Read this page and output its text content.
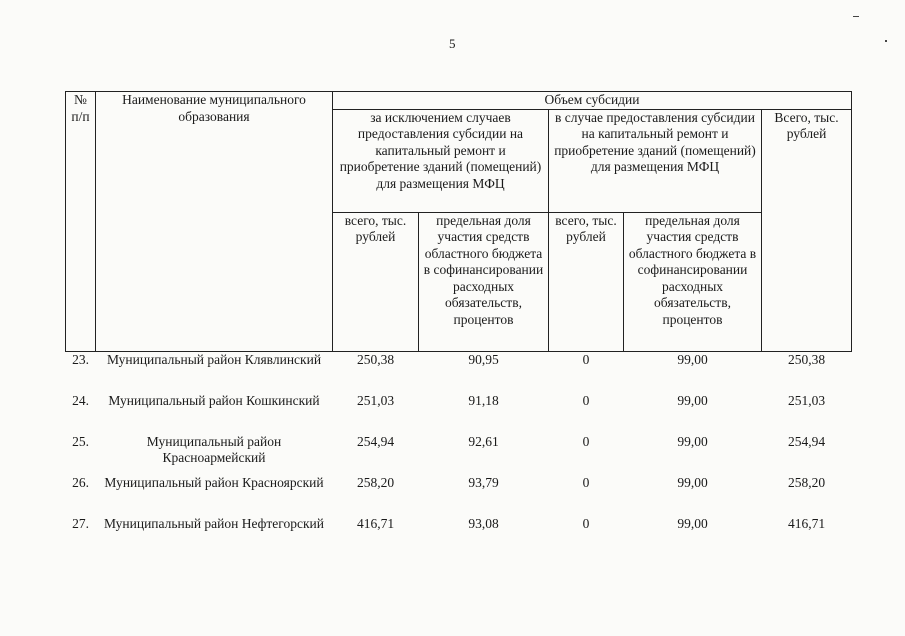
5
№ п/п	Наименование муниципального образования	Объем субсидии				
		за исключением случаев предоставления субсидии на капитальный ремонт и приобретение зданий (помещений) для размещения МФЦ		в случае предоставления субсидии на капитальный ремонт и приобретение зданий (помещений) для размещения МФЦ		Всего, тыс. рублей
		всего, тыс. рублей	предельная доля участия средств областного бюджета в софинансировании расходных обязательств, процентов	всего, тыс. рублей	предельная доля участия средств областного бюджета в софинансировании расходных обязательств, процентов	
23.	Муниципальный район Клявлинский	250,38	90,95	0	99,00	250,38
24.	Муниципальный район Кошкинский	251,03	91,18	0	99,00	251,03
25.	Муниципальный район Красноармейский	254,94	92,61	0	99,00	254,94
26.	Муниципальный район Красноярский	258,20	93,79	0	99,00	258,20
27.	Муниципальный район Нефтегорский	416,71	93,08	0	99,00	416,71
